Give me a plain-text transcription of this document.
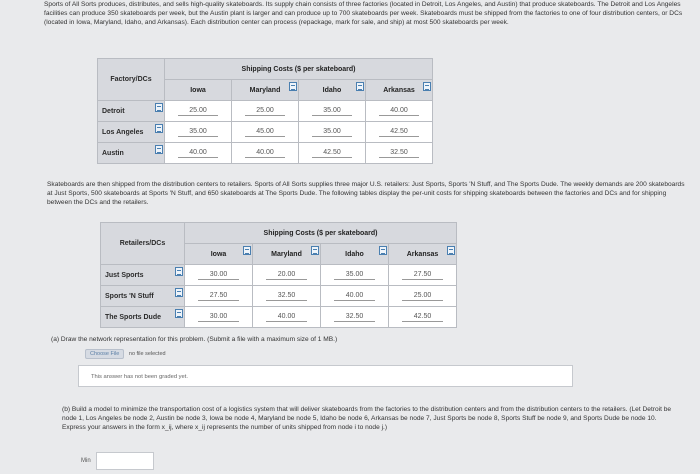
Sports of All Sorts produces, distributes, and sells high-quality skateboards. Its supply chain consists of three factories (located in Detroit, Los Angeles, and Austin) that produce skateboards. The Detroit and Los Angeles facilities can produce 350 skateboards per week, but the Austin plant is larger and can produce up to 700 skateboards per week. Skateboards must be shipped from the factories to one of four distribution centers, or DCs (located in Iowa, Maryland, Idaho, and Arkansas). Each distribution center can process (repackage, mark for sale, and ship) at most 500 skateboards per week.
Factory/DCs	Shipping Costs ($ per skateboard)			
	Iowa	Maryland	Idaho	Arkansas

Detroit	25.00	25.00	35.00	40.00
Los Angeles	35.00	45.00	35.00	42.50
Austin	40.00	40.00	42.50	32.50
Skateboards are then shipped from the distribution centers to retailers. Sports of All Sorts supplies three major U.S. retailers: Just Sports, Sports 'N Stuff, and The Sports Dude. The weekly demands are 200 skateboards at Just Sports, 500 skateboards at Sports 'N Stuff, and 650 skateboards at The Sports Dude. The following tables display the per-unit costs for shipping skateboards between the factories and DCs and for shipping between the DCs and the retailers.
Retailers/DCs	Shipping Costs ($ per skateboard)			
	Iowa	Maryland	Idaho	Arkansas

Just Sports	30.00	20.00	35.00	27.50
Sports 'N Stuff	27.50	32.50	40.00	25.00
The Sports Dude	30.00	40.00	32.50	42.50
(a) Draw the network representation for this problem. (Submit a file with a maximum size of 1 MB.)
Choose File no file selected
This answer has not been graded yet.
(b) Build a model to minimize the transportation cost of a logistics system that will deliver skateboards from the factories to the distribution centers and from the distribution centers to the retailers. (Let Detroit be node 1, Los Angeles be node 2, Austin be node 3, Iowa be node 4, Maryland be node 5, Idaho be node 6, Arkansas be node 7, Just Sports be node 8, Sports Stuff be node 9, and Sports Dude be node 10. Express your answers in the form x_ij, where x_ij represents the number of units shipped from node i to node j.)
Min
